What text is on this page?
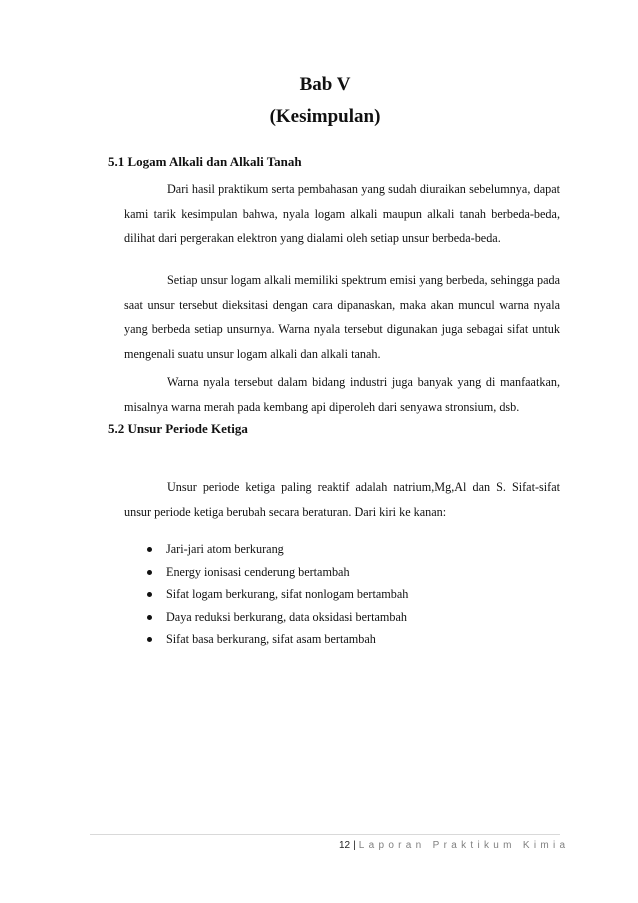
Bab V
(Kesimpulan)
5.1 Logam Alkali dan Alkali Tanah

Dari hasil praktikum serta pembahasan yang sudah diuraikan sebelumnya, dapat kami tarik kesimpulan bahwa, nyala logam alkali maupun alkali tanah berbeda-beda, dilihat dari pergerakan elektron yang dialami oleh setiap unsur berbeda-beda.

Setiap unsur logam alkali memiliki spektrum emisi yang berbeda, sehingga pada saat unsur tersebut dieksitasi dengan cara dipanaskan, maka akan muncul warna nyala yang berbeda setiap unsurnya. Warna nyala tersebut digunakan juga sebagai sifat untuk mengenali suatu unsur logam alkali dan alkali tanah.

Warna nyala tersebut dalam bidang industri juga banyak yang di manfaatkan, misalnya warna merah pada kembang api diperoleh dari senyawa stronsium, dsb.

5.2 Unsur Periode Ketiga

Unsur periode ketiga paling reaktif adalah natrium,Mg,Al dan S. Sifat-sifat unsur periode ketiga berubah secara beraturan. Dari kiri ke kanan:

Jari-jari atom berkurang
Energy ionisasi cenderung bertambah
Sifat logam berkurang, sifat nonlogam bertambah
Daya reduksi berkurang, data oksidasi bertambah
Sifat basa berkurang, sifat asam bertambah
12 | Laporan Praktikum Kimia
